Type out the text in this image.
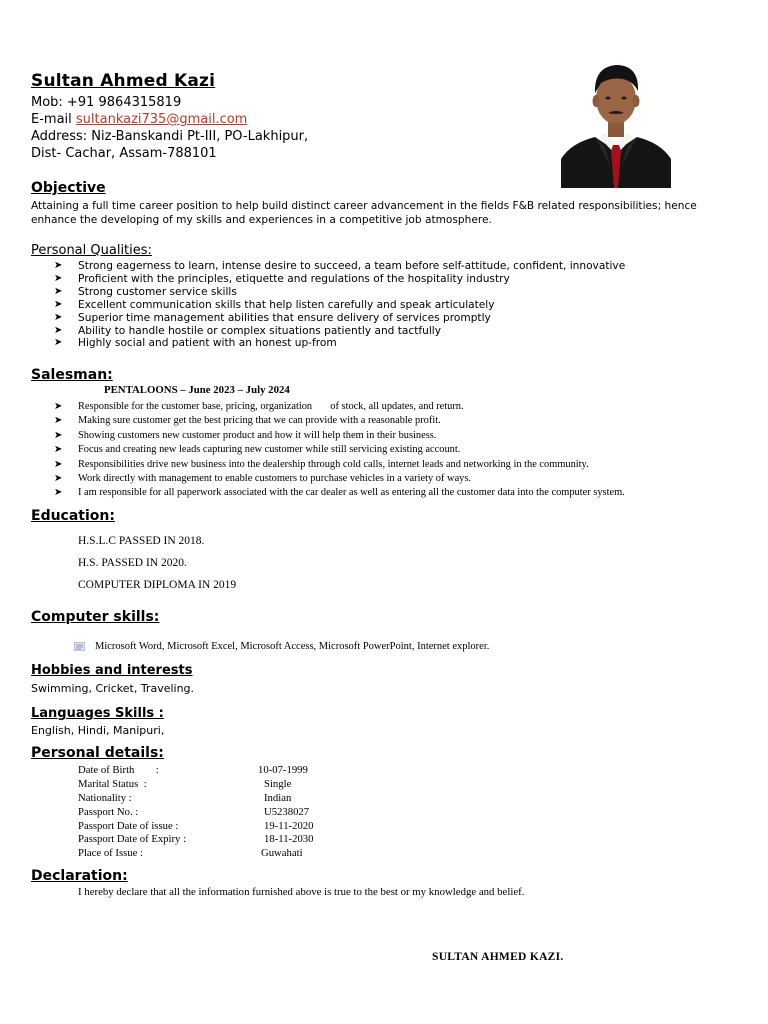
Sultan Ahmed Kazi
Mob: +91 9864315819
E-mail sultankazi735@gmail.com
Address: Niz-Banskandi Pt-III, PO-Lakhipur,
Dist- Cachar, Assam-788101
Objective
Attaining a full time career position to help build distinct career advancement in the fields F&B related responsibilities; hence enhance the developing of my skills and experiences in a competitive job atmosphere.
Personal Qualities:
➤	Strong eagerness to learn, intense desire to succeed, a team before self-attitude, confident, innovative
➤	Proficient with the principles, etiquette and regulations of the hospitality industry
➤	Strong customer service skills
➤	Excellent communication skills that help listen carefully and speak articulately
➤	Superior time management abilities that ensure delivery of services promptly
➤	Ability to handle hostile or complex situations patiently and tactfully
➤	Highly social and patient with an honest up-from
Salesman:
PENTALOONS – June 2023 – July 2024
➤	Responsible for the customer base, pricing, organization       of stock, all updates, and return.
➤	Making sure customer get the best pricing that we can provide with a reasonable profit.
➤	Showing customers new customer product and how it will help them in their business.
➤	Focus and creating new leads capturing new customer while still servicing existing account.
➤	Responsibilities drive new business into the dealership through cold calls, internet leads and networking in the community.
➤	Work directly with management to enable customers to purchase vehicles in a variety of ways.
➤	I am responsible for all paperwork associated with the car dealer as well as entering all the customer data into the computer system.
Education:
H.S.L.C PASSED IN 2018.
H.S. PASSED IN 2020.
COMPUTER DIPLOMA IN 2019
Computer skills:
Microsoft Word, Microsoft Excel, Microsoft Access, Microsoft PowerPoint, Internet explorer.
Hobbies and interests
Swimming, Cricket, Traveling.
Languages Skills :
English, Hindi, Manipuri,
Personal details:
Date of Birth        :	10-07-1999
Marital Status  :	Single
Nationality :	Indian
Passport No. :	U5238027
Passport Date of issue :	19-11-2020
Passport Date of Expiry :	18-11-2030
Place of Issue :	Guwahati
Declaration:
I hereby declare that all the information furnished above is true to the best or my knowledge and belief.
SULTAN AHMED KAZI.
